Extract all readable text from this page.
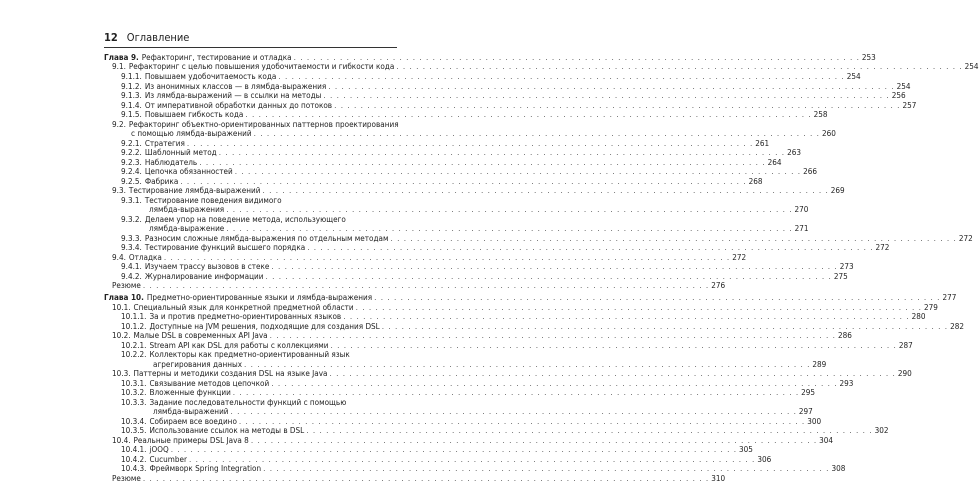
12 Оглавление
Глава 9. Рефакторинг, тестирование и отладка . . .	253
9.1. Рефакторинг с целью повышения удобочитаемости и гибкости кода . . .	254
9.1.1. Повышаем удобочитаемость кода . . .	254
9.1.2. Из анонимных классов — в лямбда-выражения . . .	254
9.1.3. Из лямбда-выражений — в ссылки на методы . . .	256
9.1.4. От императивной обработки данных до потоков . . .	257
9.1.5. Повышаем гибкость кода . . .	258
9.2. Рефакторинг объектно-ориентированных паттернов проектирования
с помощью лямбда-выражений . . .	260
9.2.1. Стратегия . . .	261
9.2.2. Шаблонный метод . . .	263
9.2.3. Наблюдатель . . .	264
9.2.4. Цепочка обязанностей . . .	266
9.2.5. Фабрика . . .	268
9.3. Тестирование лямбда-выражений . . .	269
9.3.1. Тестирование поведения видимого
лямбда-выражения . . .	270
9.3.2. Делаем упор на поведение метода, использующего
лямбда-выражение . . .	271
9.3.3. Разносим сложные лямбда-выражения по отдельным методам . . .	272
9.3.4. Тестирование функций высшего порядка . . .	272
9.4. Отладка . . .	272
9.4.1. Изучаем трассу вызовов в стеке . . .	273
9.4.2. Журналирование информации . . .	275
Резюме . . .	276
Глава 10. Предметно-ориентированные языки и лямбда-выражения . . .	277
10.1. Специальный язык для конкретной предметной области . . .	279
10.1.1. За и против предметно-ориентированных языков . . .	280
10.1.2. Доступные на JVM решения, подходящие для создания DSL . . .	282
10.2. Малые DSL в современных API Java . . .	286
10.2.1. Stream API как DSL для работы с коллекциями . . .	287
10.2.2. Коллекторы как предметно-ориентированный язык
агрегирования данных . . .	289
10.3. Паттерны и методики создания DSL на языке Java . . .	290
10.3.1. Связывание методов цепочкой . . .	293
10.3.2. Вложенные функции . . .	295
10.3.3. Задание последовательности функций с помощью
лямбда-выражений . . .	297
10.3.4. Собираем все воедино . . .	300
10.3.5. Использование ссылок на методы в DSL . . .	302
10.4. Реальные примеры DSL Java 8 . . .	304
10.4.1. jOOQ . . .	305
10.4.2. Cucumber . . .	306
10.4.3. Фреймворк Spring Integration . . .	308
Резюме . . .	310
